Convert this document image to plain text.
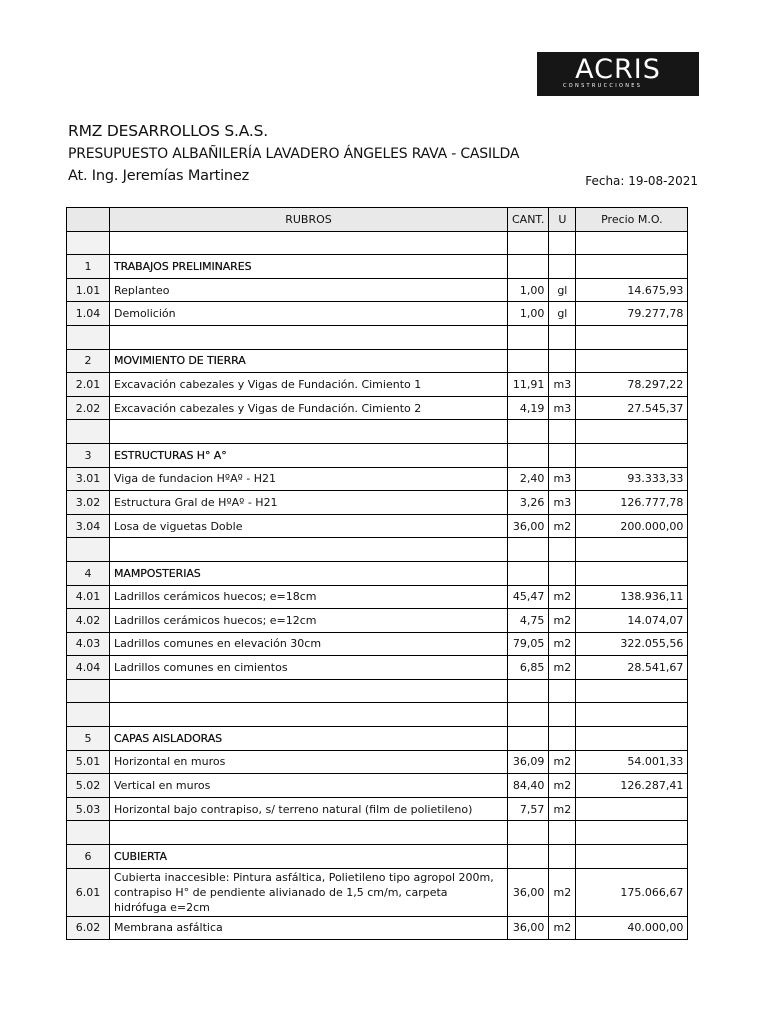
ACRIS
CONSTRUCCIONES
RMZ DESARROLLOS S.A.S.
PRESUPUESTO ALBAÑILERÍA LAVADERO ÁNGELES RAVA - CASILDA
At. Ing. Jeremías Martinez	Fecha: 19-08-2021
	RUBROS	CANT.	U	Precio M.O.

1	TRABAJOS PRELIMINARES			
1.01	Replanteo	1,00	gl	14.675,93
1.04	Demolición	1,00	gl	79.277,78

2	MOVIMIENTO DE TIERRA			
2.01	Excavación cabezales y Vigas de Fundación. Cimiento 1	11,91	m3	78.297,22
2.02	Excavación cabezales y Vigas de Fundación. Cimiento 2	4,19	m3	27.545,37

3	ESTRUCTURAS H° A°			
3.01	Viga de fundacion HºAº - H21	2,40	m3	93.333,33
3.02	Estructura Gral de HºAº - H21	3,26	m3	126.777,78
3.04	Losa de viguetas Doble	36,00	m2	200.000,00

4	MAMPOSTERIAS			
4.01	Ladrillos cerámicos huecos; e=18cm	45,47	m2	138.936,11
4.02	Ladrillos cerámicos huecos; e=12cm	4,75	m2	14.074,07
4.03	Ladrillos comunes en elevación 30cm	79,05	m2	322.055,56
4.04	Ladrillos comunes en cimientos	6,85	m2	28.541,67

5	CAPAS AISLADORAS			
5.01	Horizontal en muros	36,09	m2	54.001,33
5.02	Vertical en muros	84,40	m2	126.287,41
5.03	Horizontal bajo contrapiso, s/ terreno natural (film de polietileno)	7,57	m2	

6	CUBIERTA			
6.01	Cubierta inaccesible: Pintura asfáltica, Polietileno tipo agropol 200m, contrapiso H° de pendiente alivianado de 1,5 cm/m, carpeta hidrófuga e=2cm	36,00	m2	175.066,67
6.02	Membrana asfáltica	36,00	m2	40.000,00
